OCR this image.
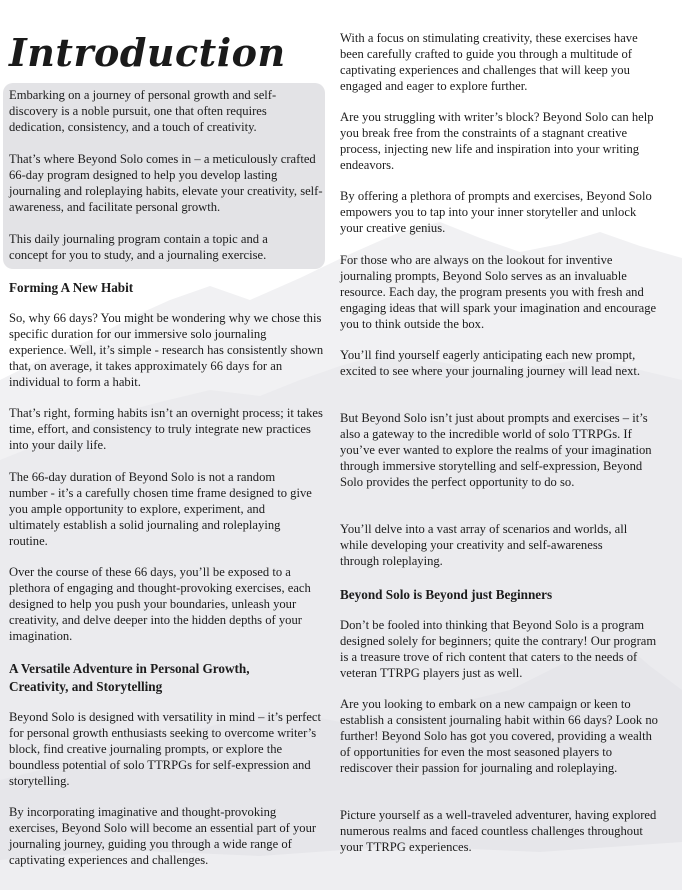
Introduction

Embarking on a journey of personal growth and self-discovery is a noble pursuit, one that often requires dedication, consistency, and a touch of creativity.

That’s where Beyond Solo comes in – a meticulously crafted 66-day program designed to help you develop lasting journaling and roleplaying habits, elevate your creativity, self-awareness, and facilitate personal growth.

This daily journaling program contain a topic and a concept for you to study, and a journaling exercise.

Forming A New Habit

So, why 66 days? You might be wondering why we chose this specific duration for our immersive solo journaling experience. Well, it’s simple - research has consistently shown that, on average, it takes approximately 66 days for an individual to form a habit.

That’s right, forming habits isn’t an overnight process; it takes time, effort, and consistency to truly integrate new practices into your daily life.

The 66-day duration of Beyond Solo is not a random number - it’s a carefully chosen time frame designed to give you ample opportunity to explore, experiment, and ultimately establish a solid journaling and roleplaying routine.

Over the course of these 66 days, you’ll be exposed to a plethora of engaging and thought-provoking exercises, each designed to help you push your boundaries, unleash your creativity, and delve deeper into the hidden depths of your imagination.

A Versatile Adventure in Personal Growth, Creativity, and Storytelling

Beyond Solo is designed with versatility in mind – it’s perfect for personal growth enthusiasts seeking to overcome writer’s block, find creative journaling prompts, or explore the boundless potential of solo TTRPGs for self-expression and storytelling.

By incorporating imaginative and thought-provoking exercises, Beyond Solo will become an essential part of your journaling journey, guiding you through a wide range of captivating experiences and challenges.

With a focus on stimulating creativity, these exercises have been carefully crafted to guide you through a multitude of captivating experiences and challenges that will keep you engaged and eager to explore further.

Are you struggling with writer’s block? Beyond Solo can help you break free from the constraints of a stagnant creative process, injecting new life and inspiration into your writing endeavors.

By offering a plethora of prompts and exercises, Beyond Solo empowers you to tap into your inner storyteller and unlock your creative genius.

For those who are always on the lookout for inventive journaling prompts, Beyond Solo serves as an invaluable resource. Each day, the program presents you with fresh and engaging ideas that will spark your imagination and encourage you to think outside the box.

You’ll find yourself eagerly anticipating each new prompt, excited to see where your journaling journey will lead next.

But Beyond Solo isn’t just about prompts and exercises – it’s also a gateway to the incredible world of solo TTRPGs. If you’ve ever wanted to explore the realms of your imagination through immersive storytelling and self-expression, Beyond Solo provides the perfect opportunity to do so.

You’ll delve into a vast array of scenarios and worlds, all while developing your creativity and self-awareness through roleplaying.

Beyond Solo is Beyond just Beginners

Don’t be fooled into thinking that Beyond Solo is a program designed solely for beginners; quite the contrary! Our program is a treasure trove of rich content that caters to the needs of veteran TTRPG players just as well.

Are you looking to embark on a new campaign or keen to establish a consistent journaling habit within 66 days? Look no further! Beyond Solo has got you covered, providing a wealth of opportunities for even the most seasoned players to rediscover their passion for journaling and roleplaying.

Picture yourself as a well-traveled adventurer, having explored numerous realms and faced countless challenges throughout your TTRPG experiences.
